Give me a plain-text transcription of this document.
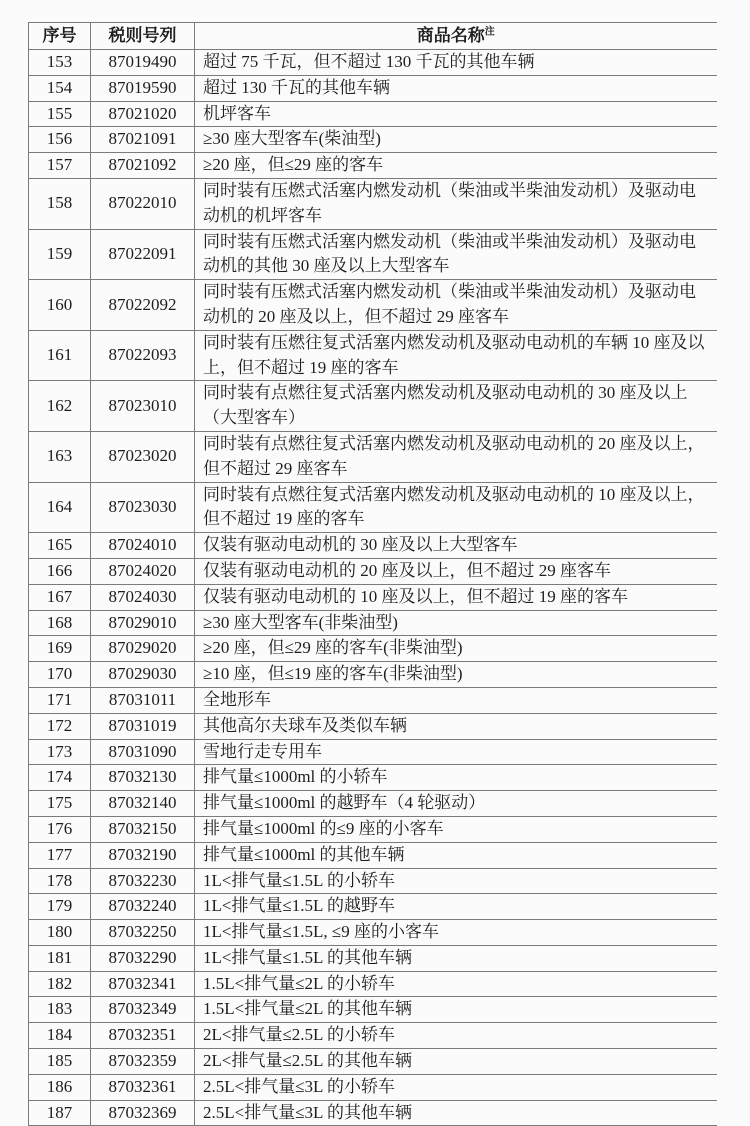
序号	税则号列	商品名称$^注$
153	87019490	超过 75 千瓦，但不超过 130 千瓦的其他车辆
154	87019590	超过 130 千瓦的其他车辆
155	87021020	机坪客车
156	87021091	≥30 座大型客车(柴油型)
157	87021092	≥20 座，但≤29 座的客车
158	87022010	同时装有压燃式活塞内燃发动机（柴油或半柴油发动机）及驱动电动机的机坪客车
159	87022091	同时装有压燃式活塞内燃发动机（柴油或半柴油发动机）及驱动电动机的其他 30 座及以上大型客车
160	87022092	同时装有压燃式活塞内燃发动机（柴油或半柴油发动机）及驱动电动机的 20 座及以上，但不超过 29 座客车
161	87022093	同时装有压燃往复式活塞内燃发动机及驱动电动机的车辆 10 座及以上，但不超过 19 座的客车
162	87023010	同时装有点燃往复式活塞内燃发动机及驱动电动机的 30 座及以上（大型客车）
163	87023020	同时装有点燃往复式活塞内燃发动机及驱动电动机的 20 座及以上，但不超过 29 座客车
164	87023030	同时装有点燃往复式活塞内燃发动机及驱动电动机的 10 座及以上，但不超过 19 座的客车
165	87024010	仅装有驱动电动机的 30 座及以上大型客车
166	87024020	仅装有驱动电动机的 20 座及以上，但不超过 29 座客车
167	87024030	仅装有驱动电动机的 10 座及以上，但不超过 19 座的客车
168	87029010	≥30 座大型客车(非柴油型)
169	87029020	≥20 座，但≤29 座的客车(非柴油型)
170	87029030	≥10 座，但≤19 座的客车(非柴油型)
171	87031011	全地形车
172	87031019	其他高尔夫球车及类似车辆
173	87031090	雪地行走专用车
174	87032130	排气量≤1000ml 的小轿车
175	87032140	排气量≤1000ml 的越野车（4 轮驱动）
176	87032150	排气量≤1000ml 的≤9 座的小客车
177	87032190	排气量≤1000ml 的其他车辆
178	87032230	1L<排气量≤1.5L 的小轿车
179	87032240	1L<排气量≤1.5L 的越野车
180	87032250	1L<排气量≤1.5L, ≤9 座的小客车
181	87032290	1L<排气量≤1.5L 的其他车辆
182	87032341	1.5L<排气量≤2L 的小轿车
183	87032349	1.5L<排气量≤2L 的其他车辆
184	87032351	2L<排气量≤2.5L 的小轿车
185	87032359	2L<排气量≤2.5L 的其他车辆
186	87032361	2.5L<排气量≤3L 的小轿车
187	87032369	2.5L<排气量≤3L 的其他车辆
